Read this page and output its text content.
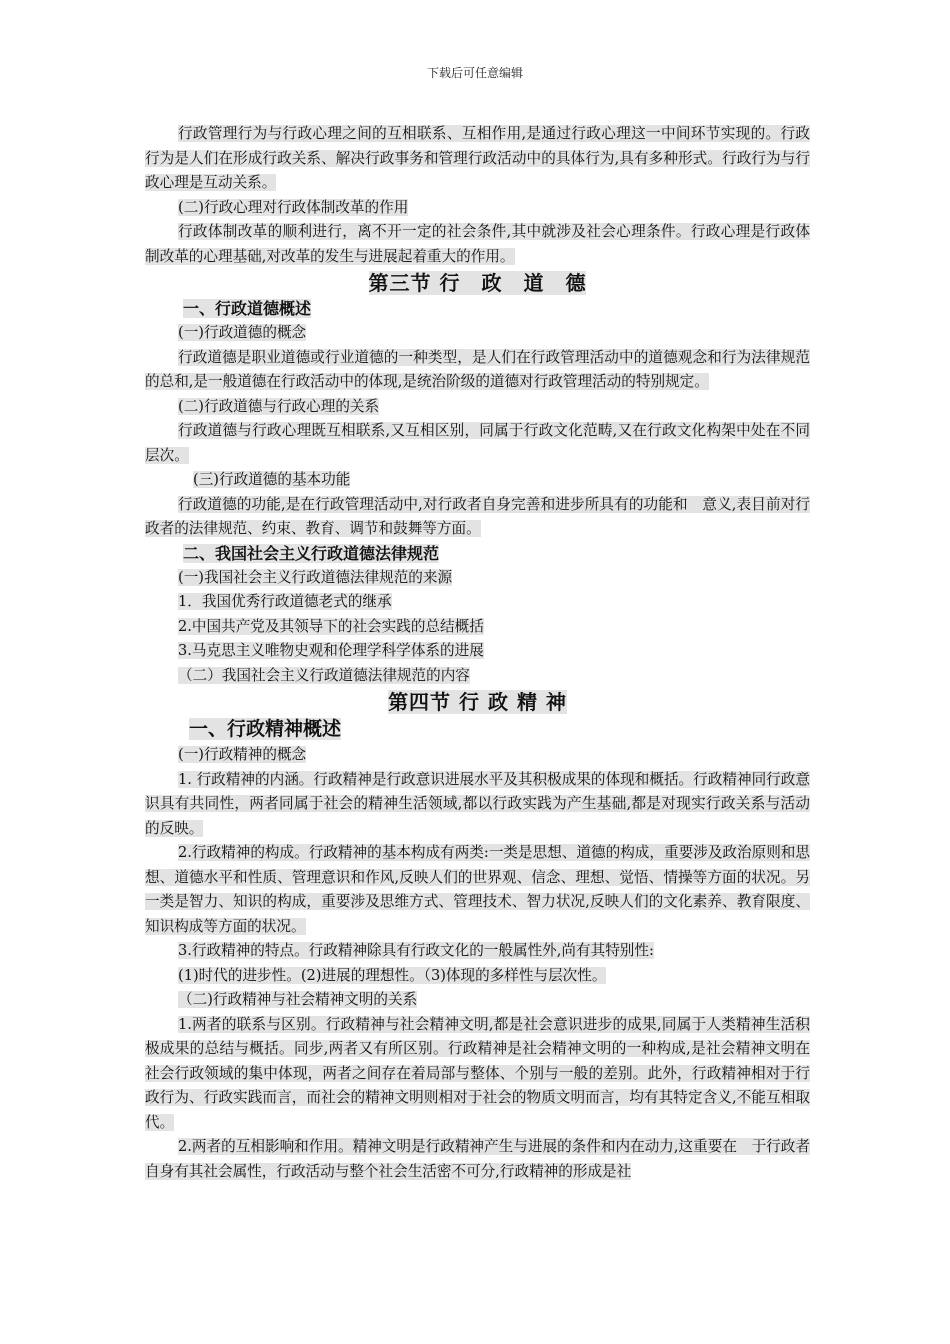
下载后可任意编辑

行政管理行为与行政心理之间的互相联系、互相作用,是通过行政心理这一中间环节实现的。行政行为是人们在形成行政关系、解决行政事务和管理行政活动中的具体行为,具有多种形式。行政行为与行政心理是互动关系。

(二)行政心理对行政体制改革的作用

行政体制改革的顺利进行，离不开一定的社会条件,其中就涉及社会心理条件。行政心理是行政体制改革的心理基础,对改革的发生与进展起着重大的作用。

第三节 行　政　道　德
一、行政道德概述

(一)行政道德的概念

行政道德是职业道德或行业道德的一种类型，是人们在行政管理活动中的道德观念和行为法律规范的总和,是一般道德在行政活动中的体现,是统治阶级的道德对行政管理活动的特别规定。

(二)行政道德与行政心理的关系

行政道德与行政心理既互相联系,又互相区别，同属于行政文化范畴,又在行政文化构架中处在不同层次。

(三)行政道德的基本功能

行政道德的功能,是在行政管理活动中,对行政者自身完善和进步所具有的功能和　意义,表目前对行政者的法律规范、约束、教育、调节和鼓舞等方面。

二、我国社会主义行政道德法律规范

(一)我国社会主义行政道德法律规范的来源

1．我国优秀行政道德老式的继承

2.中国共产党及其领导下的社会实践的总结概括

3.马克思主义唯物史观和伦理学科学体系的进展

（二）我国社会主义行政道德法律规范的内容

第四节 行 政 精 神
一、行政精神概述

(一)行政精神的概念

1. 行政精神的内涵。行政精神是行政意识进展水平及其积极成果的体现和概括。行政精神同行政意识具有共同性，两者同属于社会的精神生活领域,都以行政实践为产生基础,都是对现实行政关系与活动的反映。

2.行政精神的构成。行政精神的基本构成有两类:一类是思想、道德的构成，重要涉及政治原则和思想、道德水平和性质、管理意识和作风,反映人们的世界观、信念、理想、觉悟、情操等方面的状况。另一类是智力、知识的构成，重要涉及思维方式、管理技术、智力状况,反映人们的文化素养、教育限度、知识构成等方面的状况。

3.行政精神的特点。行政精神除具有行政文化的一般属性外,尚有其特别性:

(1)时代的进步性。(2)进展的理想性。（3)体现的多样性与层次性。

（二)行政精神与社会精神文明的关系

1.两者的联系与区别。行政精神与社会精神文明,都是社会意识进步的成果,同属于人类精神生活积极成果的总结与概括。同步,两者又有所区别。行政精神是社会精神文明的一种构成,是社会精神文明在社会行政领域的集中体现，两者之间存在着局部与整体、个别与一般的差别。此外，行政精神相对于行政行为、行政实践而言，而社会的精神文明则相对于社会的物质文明而言，均有其特定含义,不能互相取代。

2.两者的互相影响和作用。精神文明是行政精神产生与进展的条件和内在动力,这重要在　于行政者自身有其社会属性，行政活动与整个社会生活密不可分,行政精神的形成是社
